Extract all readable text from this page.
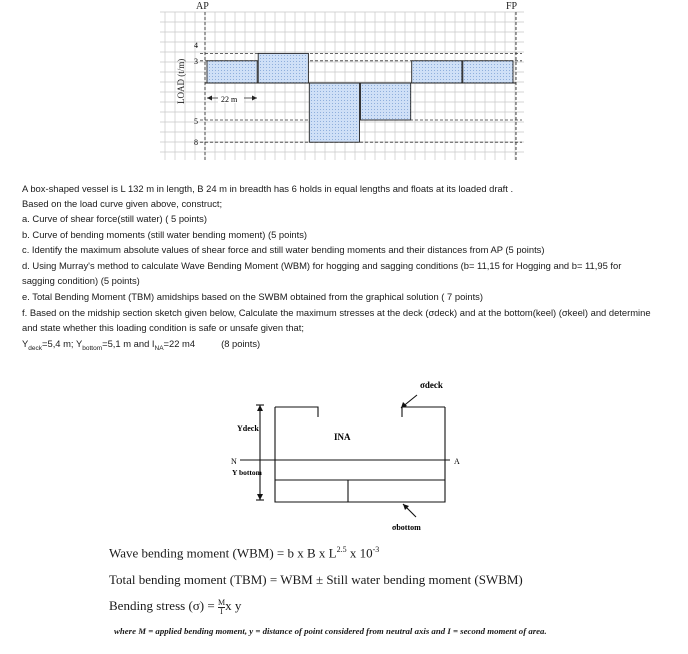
AP	FP
LOAD (t/m)
4
3
5
8
22 m
A box-shaped vessel is L 132 m in length, B 24 m in breadth has 6 holds in equal lengths and floats at its loaded draft .
Based on the load curve given above, construct;
a. Curve of shear force(still water) ( 5 points)
b. Curve of bending moments (still water bending moment) (5 points)
c. Identify the maximum absolute values of shear force and still water bending moments and their distances from AP (5 points)
d. Using Murray's method to calculate Wave Bending Moment (WBM) for hogging and sagging conditions (b= 11,15 for Hogging and b= 11,95 for
sagging condition) (5 points)
e. Total Bending Moment (TBM) amidships based on the SWBM obtained from the graphical solution ( 7 points)
f. Based on the midship section sketch given below, Calculate the maximum stresses at the deck (σdeck) and at the bottom(keel) (σkeel) and determine
and state whether this loading condition is safe or unsafe given that;
$Y_{deck}=5,4$ m; $Y_{bottom}=5,1$ m and $I_{NA}=22$ m4	(8 points)
σdeck
Ydeck
INA
N	A
Y bottom
σbottom
Wave bending moment (WBM) = b x B x $L^{2.5}$ x $10^{-3}$
Total bending moment (TBM) = WBM ± Still water bending moment (SWBM)
Bending stress $(\sigma) = \frac{M}{I}$ x y
where M = applied bending moment, y = distance of point considered from neutral axis and I = second moment of area.
